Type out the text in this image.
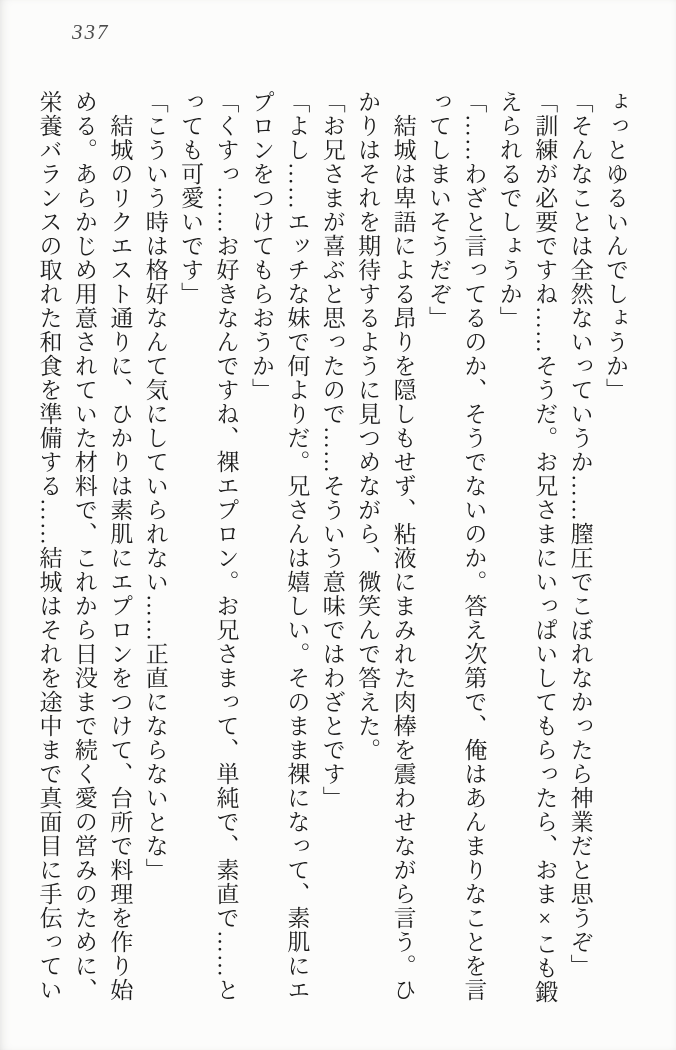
337
ょっとゆるいんでしょうか」
「そんなことは全然ないっていうか……膣圧でこぼれなかったら神業だと思うぞ」
「訓練が必要ですね……そうだ。お兄さまにいっぱいしてもらったら、おま×こも鍛
えられるでしょうか」
「……わざと言ってるのか、そうでないのか。答え次第で、俺はあんまりなことを言
ってしまいそうだぞ」
　結城は卑語による昂りを隠しもせず、粘液にまみれた肉棒を震わせながら言う。ひ
かりはそれを期待するように見つめながら、微笑んで答えた。
「お兄さまが喜ぶと思ったので……そういう意味ではわざとです」
「よし……エッチな妹で何よりだ。兄さんは嬉しい。そのまま裸になって、素肌にエ
プロンをつけてもらおうか」
「くすっ……お好きなんですね、裸エプロン。お兄さまって、単純で、素直で……と
っても可愛いです」
「こういう時は格好なんて気にしていられない……正直にならないとな」
　結城のリクエスト通りに、ひかりは素肌にエプロンをつけて、台所で料理を作り始
める。あらかじめ用意されていた材料で、これから日没まで続く愛の営みのために、
栄養バランスの取れた和食を準備する……結城はそれを途中まで真面目に手伝ってい
